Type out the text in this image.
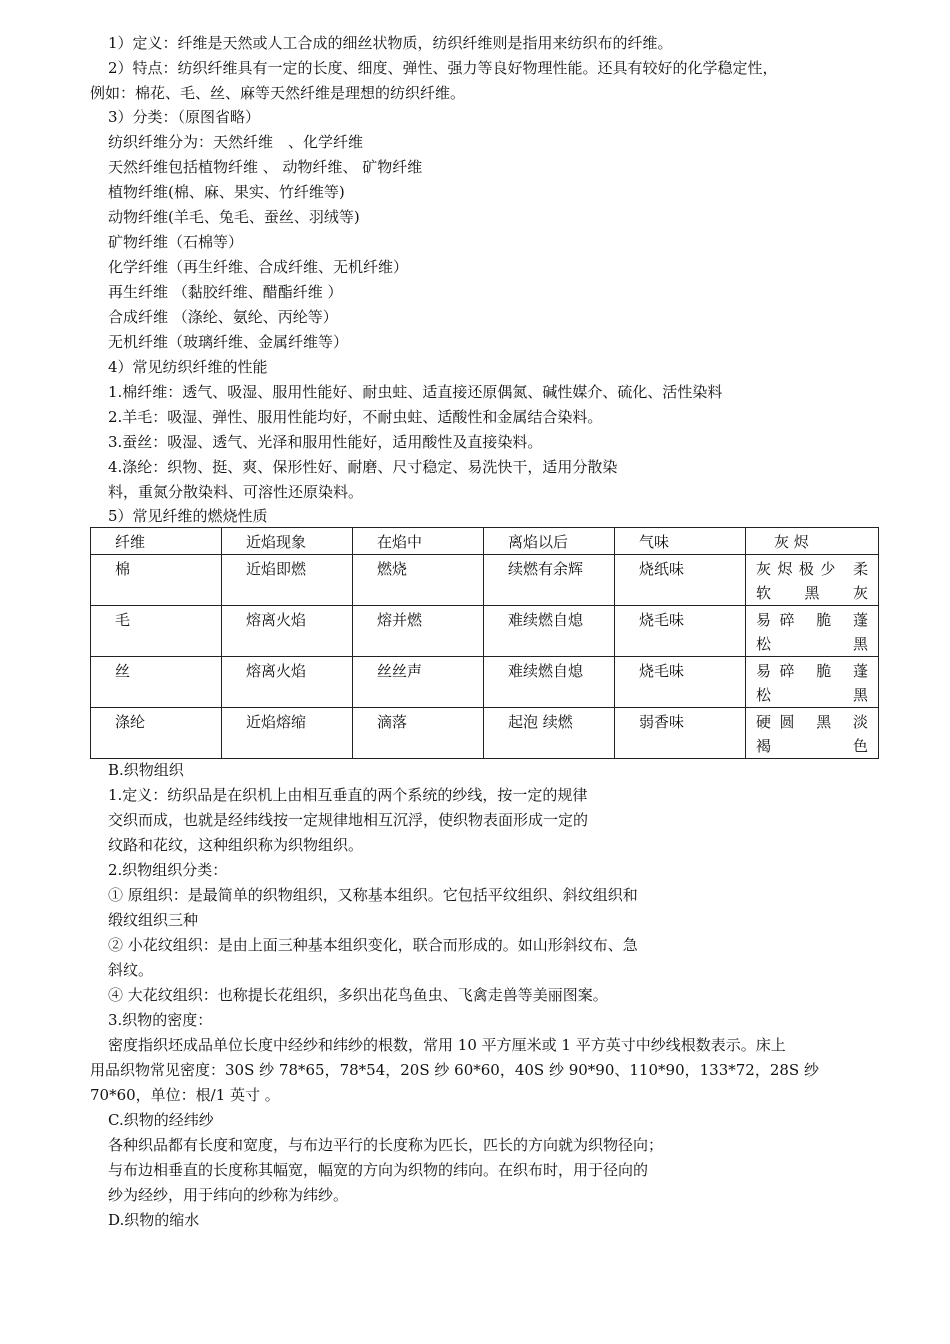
1）定义：纤维是天然或人工合成的细丝状物质，纺织纤维则是指用来纺织布的纤维。
2）特点：纺织纤维具有一定的长度、细度、弹性、强力等良好物理性能。还具有较好的化学稳定性，
例如：棉花、毛、丝、麻等天然纤维是理想的纺织纤维。
3）分类：（原图省略）
纺织纤维分为：天然纤维　、化学纤维
天然纤维包括植物纤维 、 动物纤维、 矿物纤维
植物纤维(棉、麻、果实、竹纤维等)
动物纤维(羊毛、兔毛、蚕丝、羽绒等)
矿物纤维（石棉等）
化学纤维（再生纤维、合成纤维、无机纤维）
再生纤维 （黏胶纤维、醋酯纤维 ）
合成纤维 （涤纶、氨纶、丙纶等）
无机纤维（玻璃纤维、金属纤维等）
4）常见纺织纤维的性能
1.棉纤维：透气、吸湿、服用性能好、耐虫蛀、适直接还原偶氮、碱性媒介、硫化、活性染料
2.羊毛：吸湿、弹性、服用性能均好，不耐虫蛀、适酸性和金属结合染料。
3.蚕丝：吸湿、透气、光泽和服用性能好，适用酸性及直接染料。
4.涤纶：织物、挺、爽、保形性好、耐磨、尺寸稳定、易洗快干，适用分散染
料，重氮分散染料、可溶性还原染料。
5）常见纤维的燃烧性质
纤维	近焰现象	在焰中	离焰以后	气味	灰 烬
棉	近焰即燃	燃烧	续燃有余辉	烧纸味	灰烬极少 柔
软 黑 灰

毛	熔离火焰	熔并燃	难续燃自熄	烧毛味	易碎 脆 蓬
松 黑

丝	熔离火焰	丝丝声	难续燃自熄	烧毛味	易碎 脆 蓬
松 黑

涤纶	近焰熔缩	滴落	起泡 续燃	弱香味	硬圆 黑 淡
褐色
B.织物组织
1.定义：纺织品是在织机上由相互垂直的两个系统的纱线，按一定的规律
交织而成，也就是经纬线按一定规律地相互沉浮，使织物表面形成一定的
纹路和花纹，这种组织称为织物组织。
2.织物组织分类：
① 原组织：是最简单的织物组织，又称基本组织。它包括平纹组织、斜纹组织和
缎纹组织三种
② 小花纹组织：是由上面三种基本组织变化，联合而形成的。如山形斜纹布、急
斜纹。
④ 大花纹组织：也称提长花组织，多织出花鸟鱼虫、飞禽走兽等美丽图案。
3.织物的密度：
密度指织坯成品单位长度中经纱和纬纱的根数，常用 10 平方厘米或 1 平方英寸中纱线根数表示。床上
用品织物常见密度：30S 纱 78*65，78*54，20S 纱 60*60，40S 纱 90*90、110*90，133*72，28S 纱
70*60，单位：根/1 英寸 。
C.织物的经纬纱
各种织品都有长度和宽度，与布边平行的长度称为匹长，匹长的方向就为织物径向；
与布边相垂直的长度称其幅宽，幅宽的方向为织物的纬向。在织布时，用于径向的
纱为经纱，用于纬向的纱称为纬纱。
D.织物的缩水
